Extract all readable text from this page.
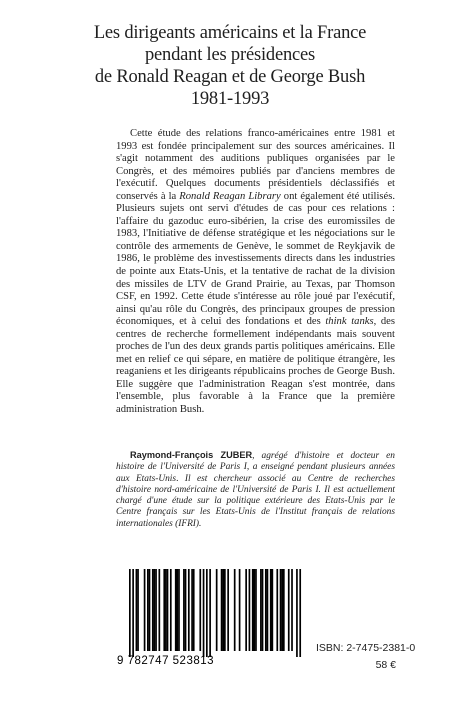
Les dirigeants américains et la France
pendant les présidences
de Ronald Reagan et de George Bush
1981-1993

Cette étude des relations franco-américaines entre 1981 et 1993 est fondée principalement sur des sources américaines. Il s'agit notamment des auditions publiques organisées par le Congrès, et des mémoires publiés par d'anciens membres de l'exécutif. Quelques documents présidentiels déclassifiés et conservés à la Ronald Reagan Library ont également été utilisés. Plusieurs sujets ont servi d'études de cas pour ces relations : l'affaire du gazoduc euro-sibérien, la crise des euromissiles de 1983, l'Initiative de défense stratégique et les négociations sur le contrôle des armements de Genève, le sommet de Reykjavik de 1986, le problème des investissements directs dans les industries de pointe aux Etats-Unis, et la tentative de rachat de la division des missiles de LTV de Grand Prairie, au Texas, par Thomson CSF, en 1992. Cette étude s'intéresse au rôle joué par l'exécutif, ainsi qu'au rôle du Congrès, des principaux groupes de pression économiques, et à celui des fondations et des think tanks, des centres de recherche formellement indépendants mais souvent proches de l'un des deux grands partis politiques américains. Elle met en relief ce qui sépare, en matière de politique étrangère, les reaganiens et les dirigeants républicains proches de George Bush. Elle suggère que l'administration Reagan s'est montrée, dans l'ensemble, plus favorable à la France que la première administration Bush.

Raymond-François ZUBER, agrégé d'histoire et docteur en histoire de l'Université de Paris I, a enseigné pendant plusieurs années aux Etats-Unis. Il est chercheur associé au Centre de recherches d'histoire nord-américaine de l'Université de Paris I. Il est actuellement chargé d'une étude sur la politique extérieure des Etats-Unis par le Centre français sur les Etats-Unis de l'Institut français de relations internationales (IFRI).

9 782747 523813
ISBN: 2-7475-2381-0
58 €
